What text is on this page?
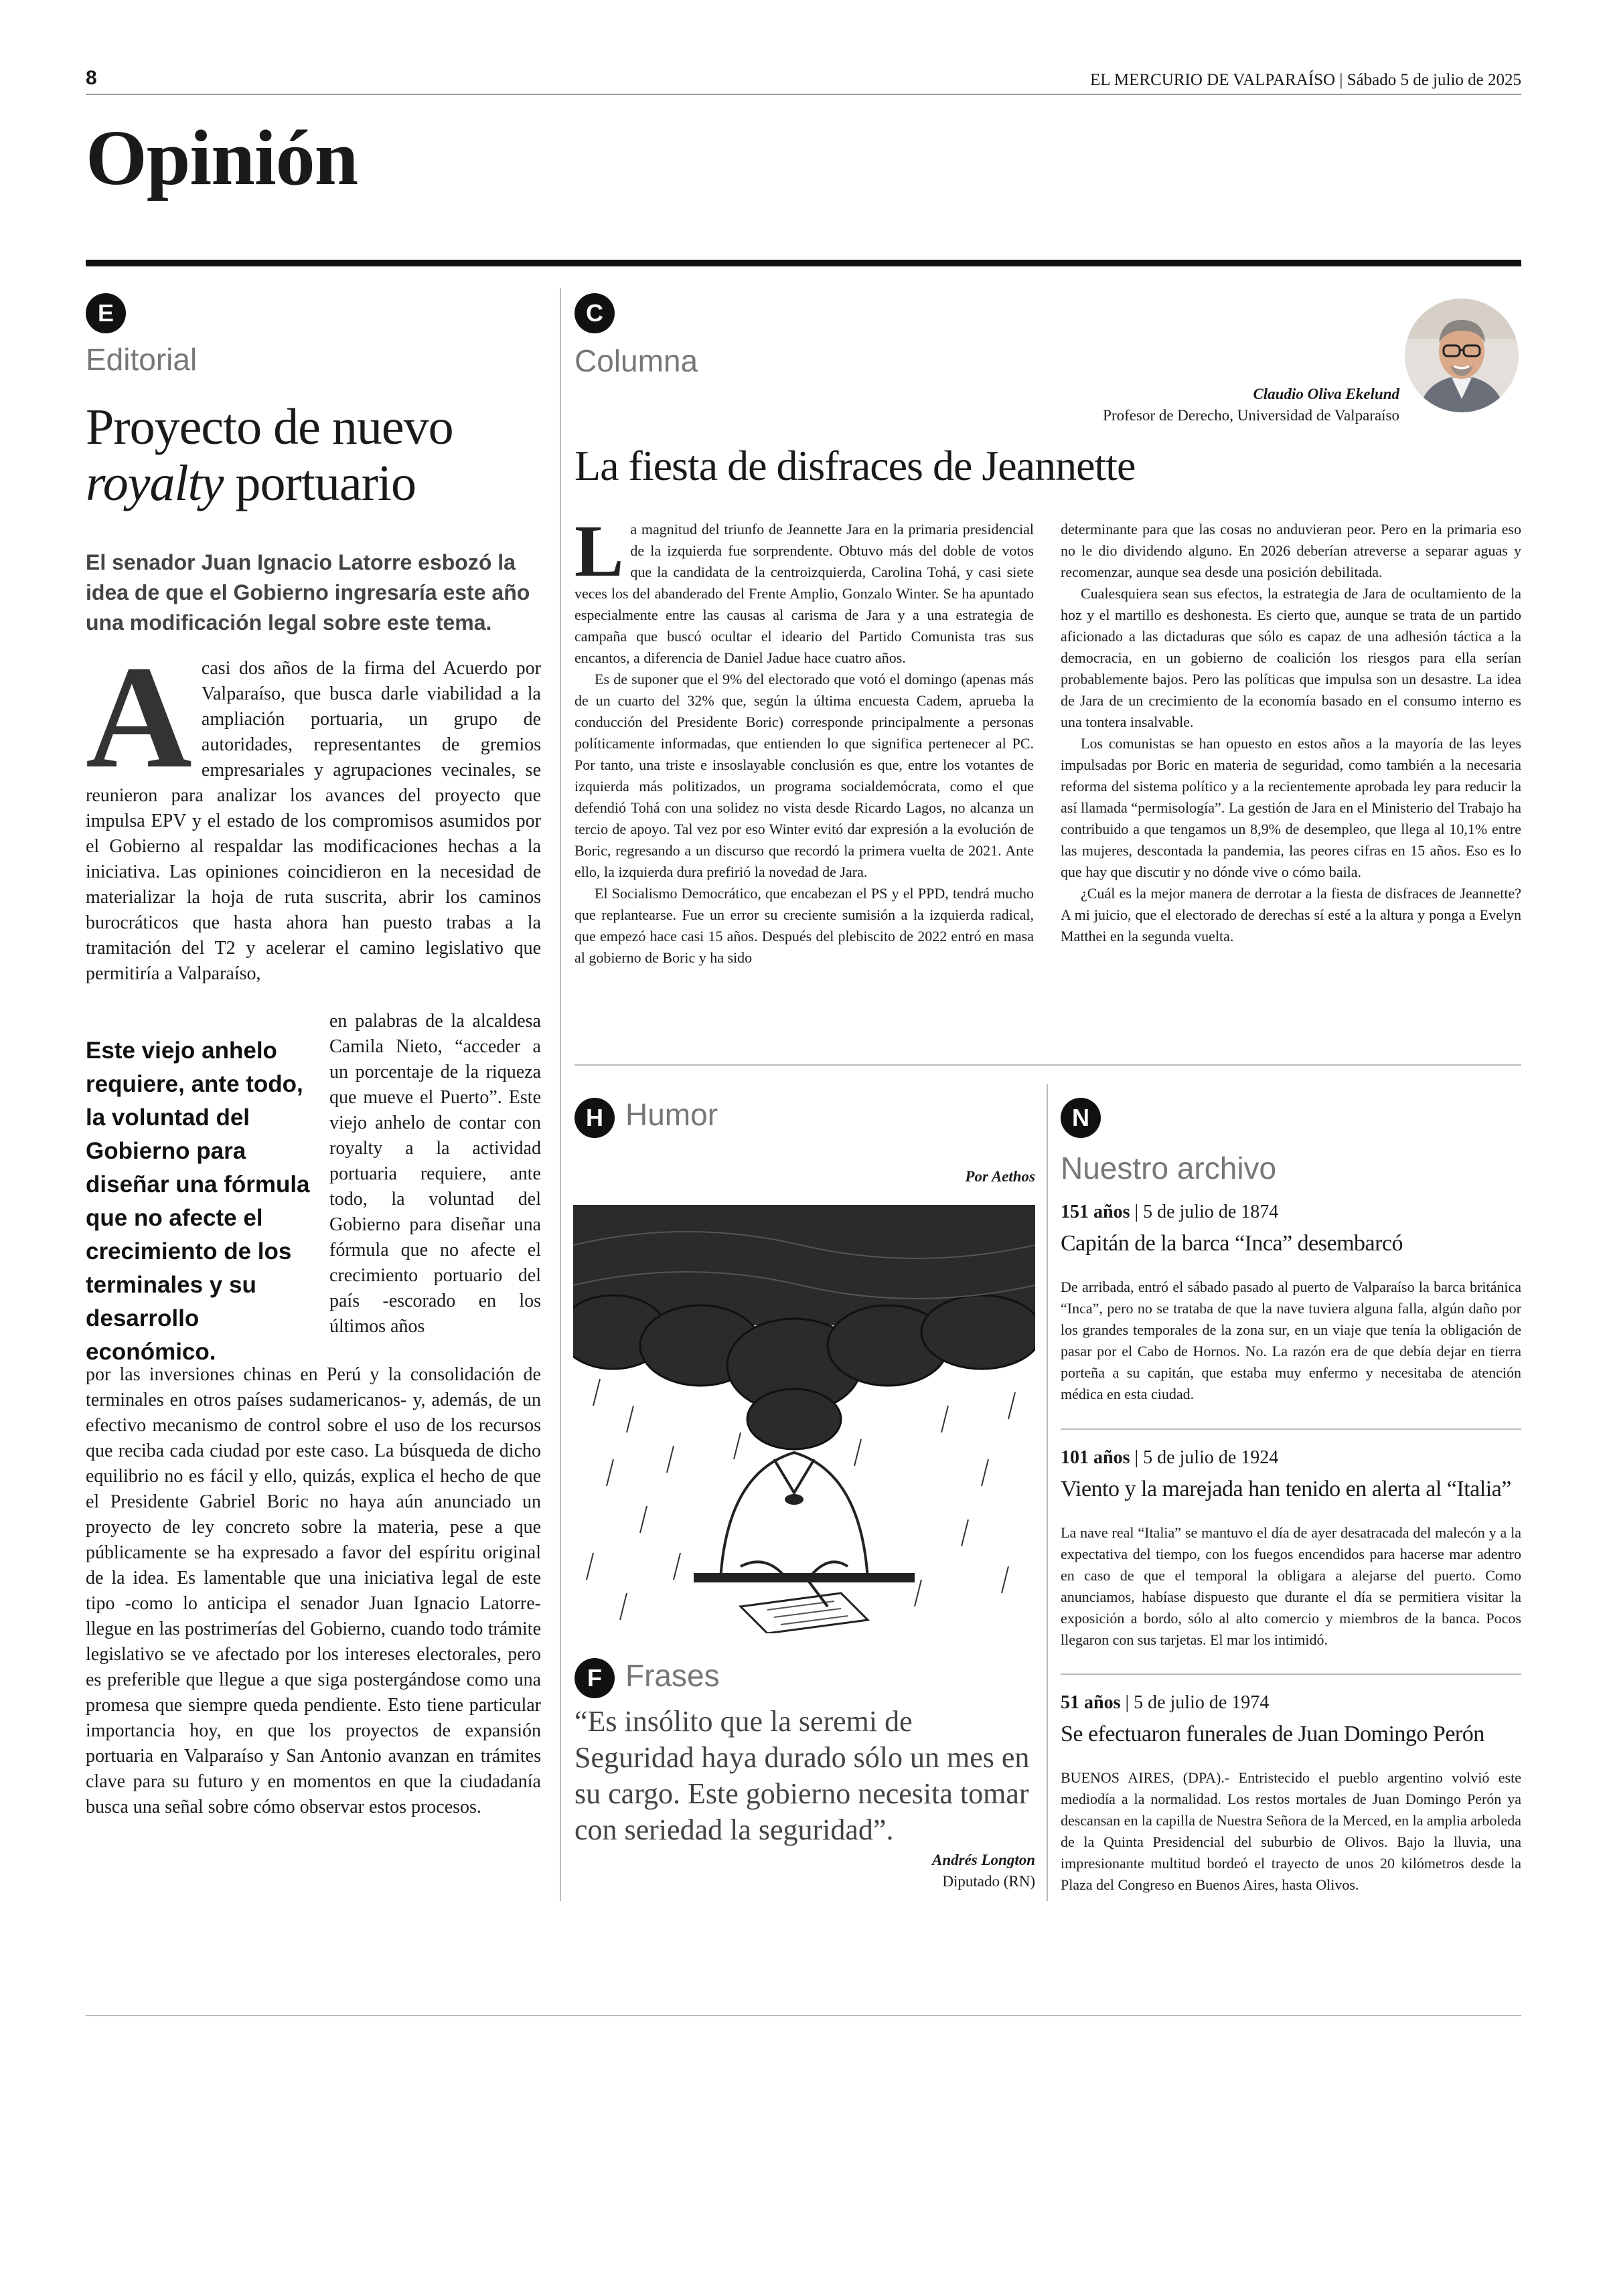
8	EL MERCURIO DE VALPARAÍSO | Sábado 5 de julio de 2025
Opinión
E
Editorial
Proyecto de nuevo
royalty portuario
El senador Juan Ignacio Latorre esbozó la idea de que el Gobierno ingresaría este año una modificación legal sobre este tema.
A casi dos años de la firma del Acuerdo por Valparaíso, que busca darle viabilidad a la ampliación portuaria, un grupo de autoridades, representantes de gremios empresariales y agrupaciones vecinales, se reunieron para analizar los avances del proyecto que impulsa EPV y el estado de los compromisos asumidos por el Gobierno al respaldar las modificaciones hechas a la iniciativa. Las opiniones coincidieron en la necesidad de materializar la hoja de ruta suscrita, abrir los caminos burocráticos que hasta ahora han puesto trabas a la tramitación del T2 y acelerar el camino legislativo que permitiría a Valparaíso,

Este viejo anhelo requiere, ante todo, la voluntad del Gobierno para diseñar una fórmula que no afecte el crecimiento de los terminales y su desarrollo económico.

en palabras de la alcaldesa Camila Nieto, “acceder a un porcentaje de la riqueza que mueve el Puerto”. Este viejo anhelo de contar con royalty a la actividad portuaria requiere, ante todo, la voluntad del Gobierno para diseñar una fórmula que no afecte el crecimiento portuario del país -escorado en los últimos años

por las inversiones chinas en Perú y la consolidación de terminales en otros países sudamericanos- y, además, de un efectivo mecanismo de control sobre el uso de los recursos que reciba cada ciudad por este caso. La búsqueda de dicho equilibrio no es fácil y ello, quizás, explica el hecho de que el Presidente Gabriel Boric no haya aún anunciado un proyecto de ley concreto sobre la materia, pese a que públicamente se ha expresado a favor del espíritu original de la idea. Es lamentable que una iniciativa legal de este tipo -como lo anticipa el senador Juan Ignacio Latorre- llegue en las postrimerías del Gobierno, cuando todo trámite legislativo se ve afectado por los intereses electorales, pero es preferible que llegue a que siga postergándose como una promesa que siempre queda pendiente. Esto tiene particular importancia hoy, en que los proyectos de expansión portuaria en Valparaíso y San Antonio avanzan en trámites clave para su futuro y en momentos en que la ciudadanía busca una señal sobre cómo observar estos procesos.

C
Columna
Claudio Oliva Ekelund
Profesor de Derecho, Universidad de Valparaíso
La fiesta de disfraces de Jeannette
L a magnitud del triunfo de Jeannette Jara en la primaria presidencial de la izquierda fue sorprendente. Obtuvo más del doble de votos que la candidata de la centroizquierda, Carolina Tohá, y casi siete veces los del abanderado del Frente Amplio, Gonzalo Winter. Se ha apuntado especialmente entre las causas al carisma de Jara y a una estrategia de campaña que buscó ocultar el ideario del Partido Comunista tras sus encantos, a diferencia de Daniel Jadue hace cuatro años.

Es de suponer que el 9% del electorado que votó el domingo (apenas más de un cuarto del 32% que, según la última encuesta Cadem, aprueba la conducción del Presidente Boric) corresponde principalmente a personas políticamente informadas, que entienden lo que significa pertenecer al PC. Por tanto, una triste e insoslayable conclusión es que, entre los votantes de izquierda más politizados, un programa socialdemócrata, como el que defendió Tohá con una solidez no vista desde Ricardo Lagos, no alcanza un tercio de apoyo. Tal vez por eso Winter evitó dar expresión a la evolución de Boric, regresando a un discurso que recordó la primera vuelta de 2021. Ante ello, la izquierda dura prefirió la novedad de Jara.

El Socialismo Democrático, que encabezan el PS y el PPD, tendrá mucho que replantearse. Fue un error su creciente sumisión a la izquierda radical, que empezó hace casi 15 años. Después del plebiscito de 2022 entró en masa al gobierno de Boric y ha sido

determinante para que las cosas no anduvieran peor. Pero en la primaria eso no le dio dividendo alguno. En 2026 deberían atreverse a separar aguas y recomenzar, aunque sea desde una posición debilitada.

Cualesquiera sean sus efectos, la estrategia de Jara de ocultamiento de la hoz y el martillo es deshonesta. Es cierto que, aunque se trata de un partido aficionado a las dictaduras que sólo es capaz de una adhesión táctica a la democracia, en un gobierno de coalición los riesgos para ella serían probablemente bajos. Pero las políticas que impulsa son un desastre. La idea de Jara de un crecimiento de la economía basado en el consumo interno es una tontera insalvable.

Los comunistas se han opuesto en estos años a la mayoría de las leyes impulsadas por Boric en materia de seguridad, como también a la necesaria reforma del sistema político y a la recientemente aprobada ley para reducir la así llamada “permisología”. La gestión de Jara en el Ministerio del Trabajo ha contribuido a que tengamos un 8,9% de desempleo, que llega al 10,1% entre las mujeres, descontada la pandemia, las peores cifras en 15 años. Eso es lo que hay que discutir y no dónde vive o cómo baila.

¿Cuál es la mejor manera de derrotar a la fiesta de disfraces de Jeannette? A mi juicio, que el electorado de derechas sí esté a la altura y ponga a Evelyn Matthei en la segunda vuelta.

H Humor
Por Aethos
F Frases
“Es insólito que la seremi de Seguridad haya durado sólo un mes en su cargo. Este gobierno necesita tomar con seriedad la seguridad”.
Andrés Longton
Diputado (RN)
N
Nuestro archivo
151 años | 5 de julio de 1874
Capitán de la barca “Inca” desembarcó
De arribada, entró el sábado pasado al puerto de Valparaíso la barca británica “Inca”, pero no se trataba de que la nave tuviera alguna falla, algún daño por los grandes temporales de la zona sur, en un viaje que tenía la obligación de pasar por el Cabo de Hornos. No. La razón era de que debía dejar en tierra porteña a su capitán, que estaba muy enfermo y necesitaba de atención médica en esta ciudad.
101 años | 5 de julio de 1924
Viento y la marejada han tenido en alerta al “Italia”
La nave real “Italia” se mantuvo el día de ayer desatracada del malecón y a la expectativa del tiempo, con los fuegos encendidos para hacerse mar adentro en caso de que el temporal la obligara a alejarse del puerto. Como anunciamos, habíase dispuesto que durante el día se permitiera visitar la exposición a bordo, sólo al alto comercio y miembros de la banca. Pocos llegaron con sus tarjetas. El mar los intimidó.
51 años | 5 de julio de 1974
Se efectuaron funerales de Juan Domingo Perón
BUENOS AIRES, (DPA).- Entristecido el pueblo argentino volvió este mediodía a la normalidad. Los restos mortales de Juan Domingo Perón ya descansan en la capilla de Nuestra Señora de la Merced, en la amplia arboleda de la Quinta Presidencial del suburbio de Olivos. Bajo la lluvia, una impresionante multitud bordeó el trayecto de unos 20 kilómetros desde la Plaza del Congreso en Buenos Aires, hasta Olivos.
